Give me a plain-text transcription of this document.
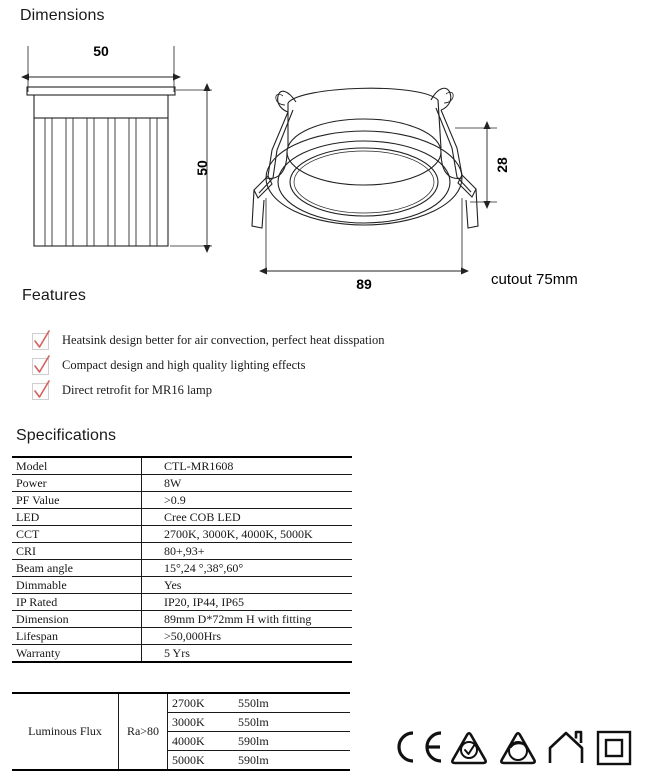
Dimensions
Features
Specifications
50
50
89
28
cutout 75mm
Heatsink design better for air convection, perfect heat disspation
Compact design and high quality lighting effects
Direct retrofit for MR16 lamp
Model	CTL-MR1608
Power	8W
PF Value	>0.9
LED	Cree COB LED
CCT	2700K, 3000K, 4000K, 5000K
CRI	80+,93+
Beam angle	15°,24 °,38°,60°
Dimmable	Yes
IP Rated	IP20, IP44, IP65
Dimension	89mm D*72mm H with fitting
Lifespan	>50,000Hrs
Warranty	5 Yrs
Luminous Flux	Ra>80	2700K	550lm
		3000K	550lm
		4000K	590lm
		5000K	590lm
